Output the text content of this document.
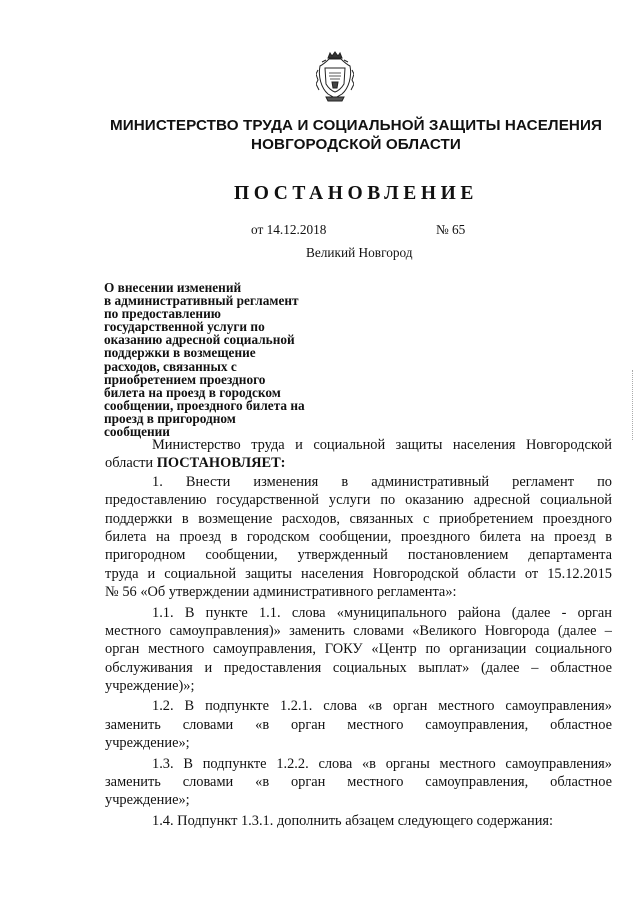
МИНИСТЕРСТВО ТРУДА И СОЦИАЛЬНОЙ ЗАЩИТЫ НАСЕЛЕНИЯ
НОВГОРОДСКОЙ ОБЛАСТИ
ПОСТАНОВЛЕНИЕ
от 14.12.2018	№ 65
Великий Новгород
О внесении изменений
в административный регламент
по предоставлению
государственной услуги по
оказанию адресной социальной
поддержки в возмещение
расходов, связанных с
приобретением проездного
билета на проезд в городском
сообщении, проездного билета на
проезд в пригородном
сообщении
Министерство труда и социальной защиты населения Новгородской
области ПОСТАНОВЛЯЕТ:
1. Внести изменения в административный регламент по
предоставлению государственной услуги по оказанию адресной социальной
поддержки в возмещение расходов, связанных с приобретением проездного
билета на проезд в городском сообщении, проездного билета на проезд в
пригородном сообщении, утвержденный постановлением департамента
труда и социальной защиты населения Новгородской области от 15.12.2015
№ 56 «Об утверждении административного регламента»:
1.1. В пункте 1.1. слова «муниципального района (далее - орган
местного самоуправления)» заменить словами «Великого Новгорода (далее –
орган местного самоуправления, ГОКУ «Центр по организации социального
обслуживания и предоставления социальных выплат» (далее – областное
учреждение)»;
1.2. В подпункте 1.2.1. слова «в орган местного самоуправления»
заменить словами «в орган местного самоуправления, областное
учреждение»;
1.3. В подпункте 1.2.2. слова «в органы местного самоуправления»
заменить словами «в орган местного самоуправления, областное
учреждение»;
1.4. Подпункт 1.3.1. дополнить абзацем следующего содержания:
